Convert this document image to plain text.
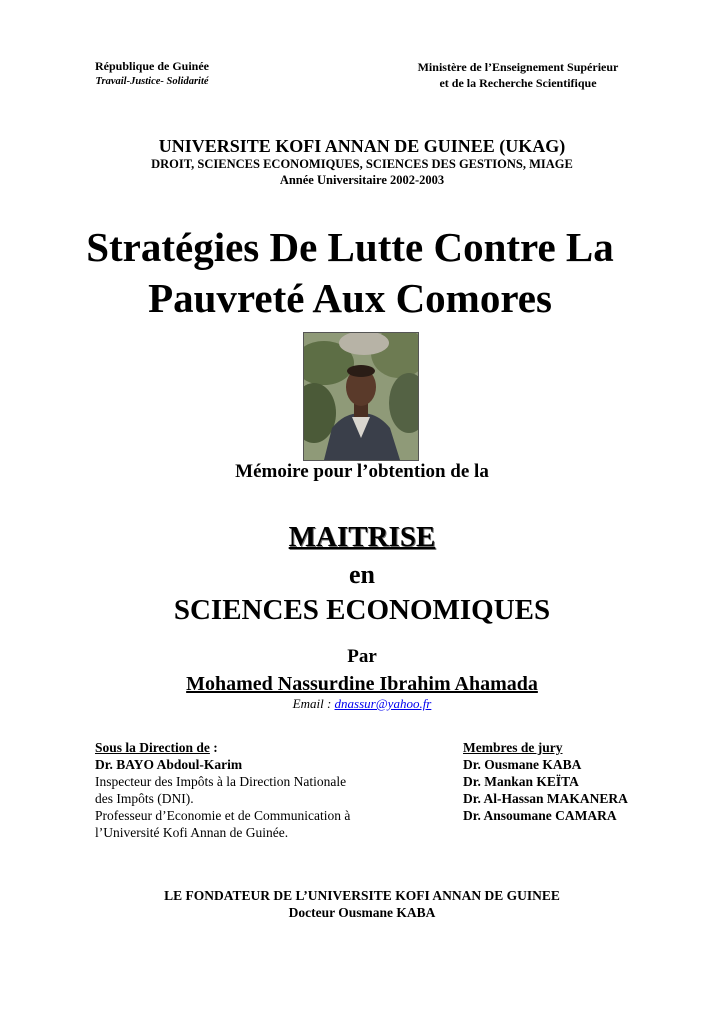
République de Guinée
Travail-Justice- Solidarité
Ministère de l’Enseignement Supérieur
et de la Recherche Scientifique
UNIVERSITE KOFI ANNAN DE GUINEE (UKAG)
DROIT, SCIENCES ECONOMIQUES, SCIENCES DES GESTIONS, MIAGE
Année Universitaire 2002-2003
Stratégies De Lutte Contre La
Pauvreté Aux Comores
Mémoire pour l’obtention de la
MAITRISE
en
SCIENCES ECONOMIQUES
Par
Mohamed Nassurdine Ibrahim Ahamada
Email : dnassur@yahoo.fr
Sous la Direction de :
Dr. BAYO Abdoul-Karim
Inspecteur des Impôts à la Direction Nationale
des Impôts (DNI).
Professeur d’Economie et de Communication à
l’Université Kofi Annan de Guinée.
Membres de jury
Dr. Ousmane KABA
Dr. Mankan KEÏTA
Dr. Al-Hassan MAKANERA
Dr. Ansoumane CAMARA
LE FONDATEUR DE L’UNIVERSITE KOFI ANNAN DE GUINEE
Docteur Ousmane KABA
